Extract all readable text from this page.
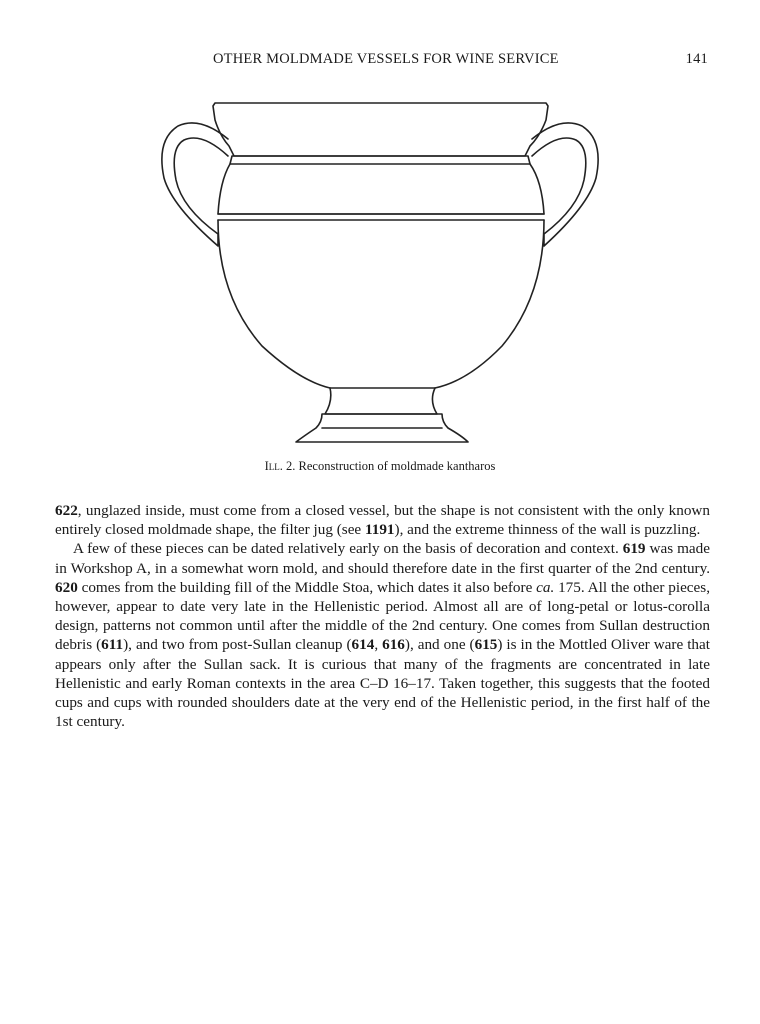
OTHER MOLDMADE VESSELS FOR WINE SERVICE	141
Ill. 2. Reconstruction of moldmade kantharos

622, unglazed inside, must come from a closed vessel, but the shape is not consistent with the only known entirely closed moldmade shape, the filter jug (see 1191), and the extreme thinness of the wall is puzzling.

A few of these pieces can be dated relatively early on the basis of decoration and context. 619 was made in Workshop A, in a somewhat worn mold, and should therefore date in the first quarter of the 2nd century. 620 comes from the building fill of the Middle Stoa, which dates it also before ca. 175. All the other pieces, however, appear to date very late in the Hellenistic period. Almost all are of long-petal or lotus-corolla design, patterns not common until after the middle of the 2nd century. One comes from Sullan destruction debris (611), and two from post-Sullan cleanup (614, 616), and one (615) is in the Mottled Oliver ware that appears only after the Sullan sack. It is curious that many of the fragments are concentrated in late Hellenistic and early Roman contexts in the area C–D 16–17. Taken together, this suggests that the footed cups and cups with rounded shoulders date at the very end of the Hellenistic period, in the first half of the 1st century.
